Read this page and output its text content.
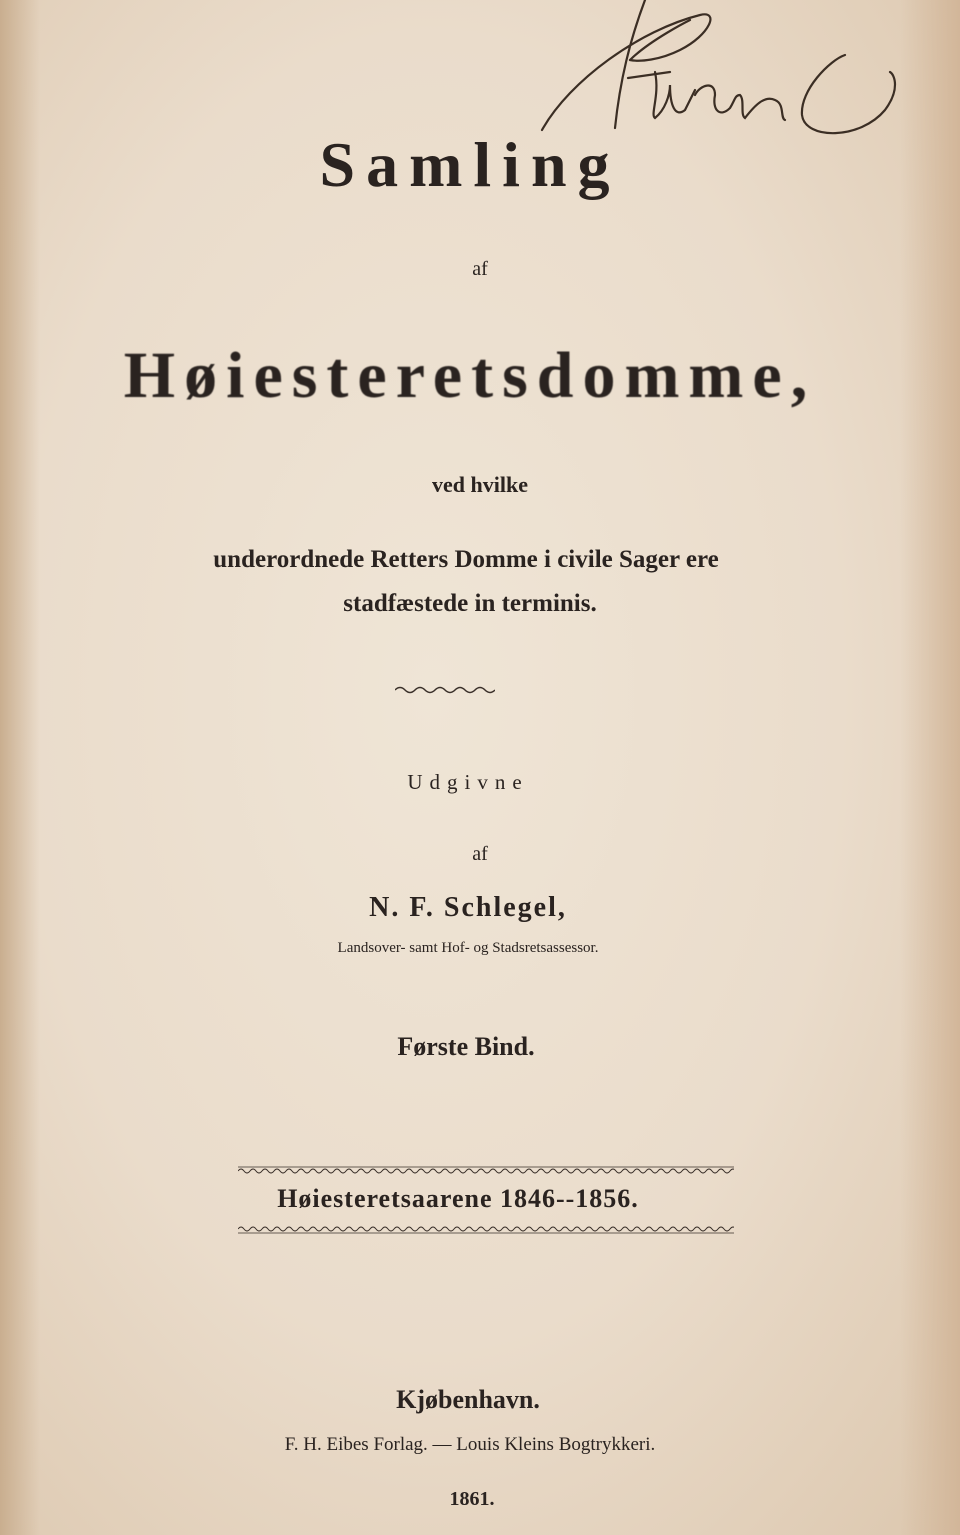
Samling
af
Høiesteretsdomme,
ved hvilke
underordnede Retters Domme i civile Sager ere
stadfæstede in terminis.
Udgivne
af
N. F. Schlegel,
Landsover- samt Hof- og Stadsretsassessor.
Første Bind.
Høiesteretsaarene 1846--1856.
Kjøbenhavn.
F. H. Eibes Forlag. — Louis Kleins Bogtrykkeri.
1861.
